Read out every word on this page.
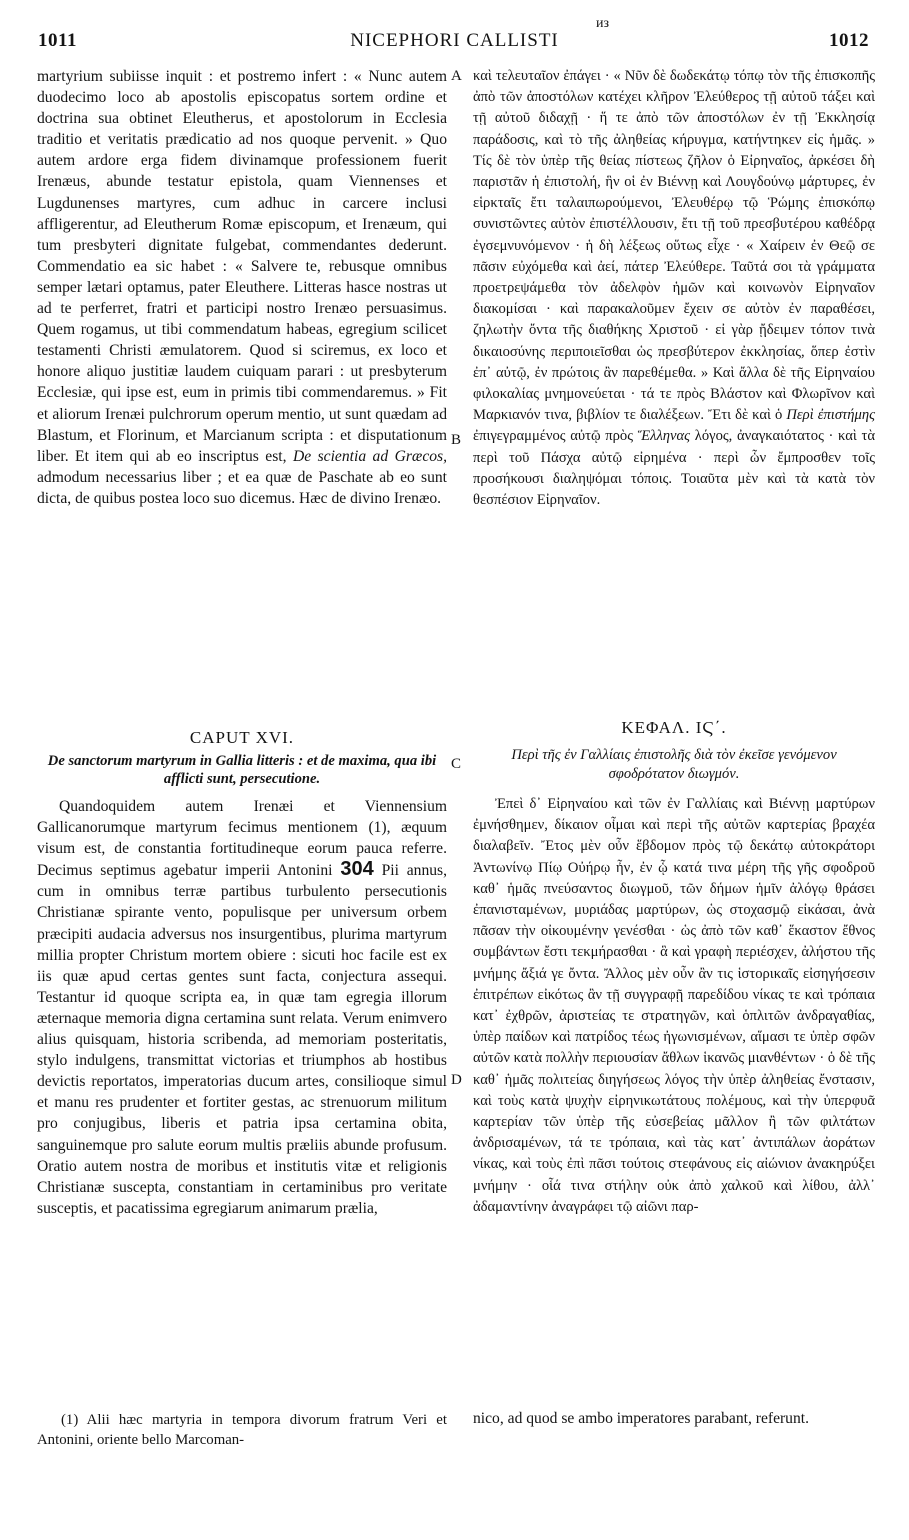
1011	NICEPHORI CALLISTI	1012
ᴎᴈ

martyrium subiisse inquit : et postremo infert : « Nunc autem duodecimo loco ab apostolis episcopatus sortem ordine et doctrina sua obtinet Eleutherus, et apostolorum in Ecclesia traditio et veritatis prædicatio ad nos quoque pervenit. » Quo autem ardore erga fidem divinamque professionem fuerit Irenæus, abunde testatur epistola, quam Viennenses et Lugdunenses martyres, cum adhuc in carcere inclusi affligerentur, ad Eleutherum Romæ episcopum, et Irenæum, qui tum presbyteri dignitate fulgebat, commendantes dederunt. Commendatio ea sic habet : « Salvere te, rebusque omnibus semper lætari optamus, pater Eleuthere. Litteras hasce nostras ut ad te perferret, fratri et participi nostro Irenæo persuasimus. Quem rogamus, ut tibi commendatum habeas, egregium scilicet testamenti Christi æmulatorem. Quod si sciremus, ex loco et honore aliquo justitiæ laudem cuiquam parari : ut presbyterum Ecclesiæ, qui ipse est, eum in primis tibi commendaremus. » Fit et aliorum Irenæi pulchrorum operum mentio, ut sunt quædam ad Blastum, et Florinum, et Marcianum scripta : et disputationum liber. Et item qui ab eo inscriptus est, De scientia ad Græcos, admodum necessarius liber ; et ea quæ de Paschate ab eo sunt dicta, de quibus postea loco suo dicemus. Hæc de divino Irenæo.

καὶ τελευταῖον ἐπάγει · « Νῦν δὲ δωδεκάτῳ τόπῳ τὸν τῆς ἐπισκοπῆς ἀπὸ τῶν ἀποστόλων κατέχει κλῆρον Ἐλεύθερος τῇ αὐτοῦ τάξει καὶ τῇ αὐτοῦ διδαχῇ · ἥ τε ἀπὸ τῶν ἀποστόλων ἐν τῇ Ἐκκλησίᾳ παράδοσις, καὶ τὸ τῆς ἀληθείας κήρυγμα, κατήντηκεν εἰς ἡμᾶς. » Τίς δὲ τὸν ὑπὲρ τῆς θείας πίστεως ζῆλον ὁ Εἰρηναῖος, ἀρκέσει δὴ παριστᾶν ἡ ἐπιστολή, ἣν οἱ ἐν Βιέννῃ καὶ Λουγδούνῳ μάρτυρες, ἐν εἱρκταῖς ἔτι ταλαιπωρούμενοι, Ἐλευθέρῳ τῷ Ῥώμης ἐπισκόπῳ συνιστῶντες αὐτὸν ἐπιστέλλουσιν, ἔτι τῇ τοῦ πρεσβυτέρου καθέδρᾳ ἐγσεμνυνόμενον · ἡ δὴ λέξεως οὕτως εἶχε · « Χαίρειν ἐν Θεῷ σε πᾶσιν εὐχόμεθα καὶ ἀεί, πάτερ Ἐλεύθερε. Ταῦτά σοι τὰ γράμματα προετρεψάμεθα τὸν ἀδελφὸν ἡμῶν καὶ κοινωνὸν Εἰρηναῖον διακομίσαι · καὶ παρακαλοῦμεν ἔχειν σε αὐτὸν ἐν παραθέσει, ζηλωτὴν ὄντα τῆς διαθήκης Χριστοῦ · εἰ γὰρ ᾔδειμεν τόπον τινὰ δικαιοσύνης περιποιεῖσθαι ὡς πρεσβύτερον ἐκκλησίας, ὅπερ ἐστὶν ἐπ᾽ αὐτῷ, ἐν πρώτοις ἂν παρεθέμεθα. » Καὶ ἄλλα δὲ τῆς Εἰρηναίου φιλοκαλίας μνημονεύεται · τά τε πρὸς Βλάστον καὶ Φλωρῖνον καὶ Μαρκιανόν τινα, βιβλίον τε διαλέξεων. Ἔτι δὲ καὶ ὁ Περὶ ἐπιστήμης ἐπιγεγραμμένος αὐτῷ πρὸς Ἕλληνας λόγος, ἀναγκαιότατος · καὶ τὰ περὶ τοῦ Πάσχα αὐτῷ εἰρημένα · περὶ ὧν ἔμπροσθεν τοῖς προσήκουσι διαληψόμαι τόποις. Τοιαῦτα μὲν καὶ τὰ κατὰ τὸν θεσπέσιον Εἰρηναῖον.

A
B
C
D
CAPUT XVI.
De sanctorum martyrum in Gallia litteris : et de maxima, qua ibi afflicti sunt, persecutione.
ΚΕΦΑΛ. ΙϚ΄.
Περὶ τῆς ἐν Γαλλίαις ἐπιστολῆς διὰ τὸν ἐκεῖσε γενόμενον σφοδρότατον διωγμόν.

Quandoquidem autem Irenæi et Viennensium Gallicanorumque martyrum fecimus mentionem (1), æquum visum est, de constantia fortitudineque eorum pauca referre. Decimus septimus agebatur imperii Antonini 304 Pii annus, cum in omnibus terræ partibus turbulento persecutionis Christianæ spirante vento, populisque per universum orbem præcipiti audacia adversus nos insurgentibus, plurima martyrum millia propter Christum mortem obiere : sicuti hoc facile est ex iis quæ apud certas gentes sunt facta, conjectura assequi. Testantur id quoque scripta ea, in quæ tam egregia illorum æternaque memoria digna certamina sunt relata. Verum enimvero alius quisquam, historia scribenda, ad memoriam posteritatis, stylo indulgens, transmittat victorias et triumphos ab hostibus devictis reportatos, imperatorias ducum artes, consilioque simul et manu res prudenter et fortiter gestas, ac strenuorum militum pro conjugibus, liberis et patria ipsa certamina obita, sanguinemque pro salute eorum multis præliis abunde profusum. Oratio autem nostra de moribus et institutis vitæ et religionis Christianæ suscepta, constantiam in certaminibus pro veritate susceptis, et pacatissima egregiarum animarum prælia,

Ἐπεὶ δ᾽ Εἰρηναίου καὶ τῶν ἐν Γαλλίαις καὶ Βιέννῃ μαρτύρων ἐμνήσθημεν, δίκαιον οἶμαι καὶ περὶ τῆς αὐτῶν καρτερίας βραχέα διαλαβεῖν. Ἔτος μὲν οὖν ἕβδομον πρὸς τῷ δεκάτῳ αὐτοκράτορι Ἀντωνίνῳ Πίῳ Οὐήρῳ ἦν, ἐν ᾧ κατά τινα μέρη τῆς γῆς σφοδροῦ καθ᾽ ἡμᾶς πνεύσαντος διωγμοῦ, τῶν δήμων ἡμῖν ἀλόγῳ θράσει ἐπανισταμένων, μυριάδας μαρτύρων, ὡς στοχασμῷ εἰκάσαι, ἀνὰ πᾶσαν τὴν οἰκουμένην γενέσθαι · ὡς ἀπὸ τῶν καθ᾽ ἕκαστον ἔθνος συμβάντων ἔστι τεκμήρασθαι · ἃ καὶ γραφὴ περιέσχεν, ἀλήστου τῆς μνήμης ἄξιά γε ὄντα. Ἄλλος μὲν οὖν ἂν τις ἱστορικαῖς εἰσηγήσεσιν ἐπιτρέπων εἰκότως ἂν τῇ συγγραφῇ παρεδίδου νίκας τε καὶ τρόπαια κατ᾽ ἐχθρῶν, ἀριστείας τε στρατηγῶν, καὶ ὁπλιτῶν ἀνδραγαθίας, ὑπὲρ παίδων καὶ πατρίδος τέως ἠγωνισμένων, αἵμασι τε ὑπὲρ σφῶν αὐτῶν κατὰ πολλὴν περιουσίαν ἄθλων ἱκανῶς μιανθέντων · ὁ δὲ τῆς καθ᾽ ἡμᾶς πολιτείας διηγήσεως λόγος τὴν ὑπὲρ ἀληθείας ἔνστασιν, καὶ τοὺς κατὰ ψυχὴν εἰρηνικωτάτους πολέμους, καὶ τὴν ὑπερφυᾶ καρτερίαν τῶν ὑπὲρ τῆς εὐσεβείας μᾶλλον ἢ τῶν φιλτάτων ἀνδρισαμένων, τά τε τρόπαια, καὶ τὰς κατ᾽ ἀντιπάλων ἀοράτων νίκας, καὶ τοὺς ἐπὶ πᾶσι τούτοις στεφάνους εἰς αἰώνιον ἀνακηρύξει μνήμην · οἷά τινα στήλην οὐκ ἀπὸ χαλκοῦ καὶ λίθου, ἀλλ᾽ ἀδαμαντίνην ἀναγράφει τῷ αἰῶνι παρ-

(1) Alii hæc martyria in tempora divorum fratrum Veri et Antonini, oriente bello Marcoman-
nico, ad quod se ambo imperatores parabant, referunt.
